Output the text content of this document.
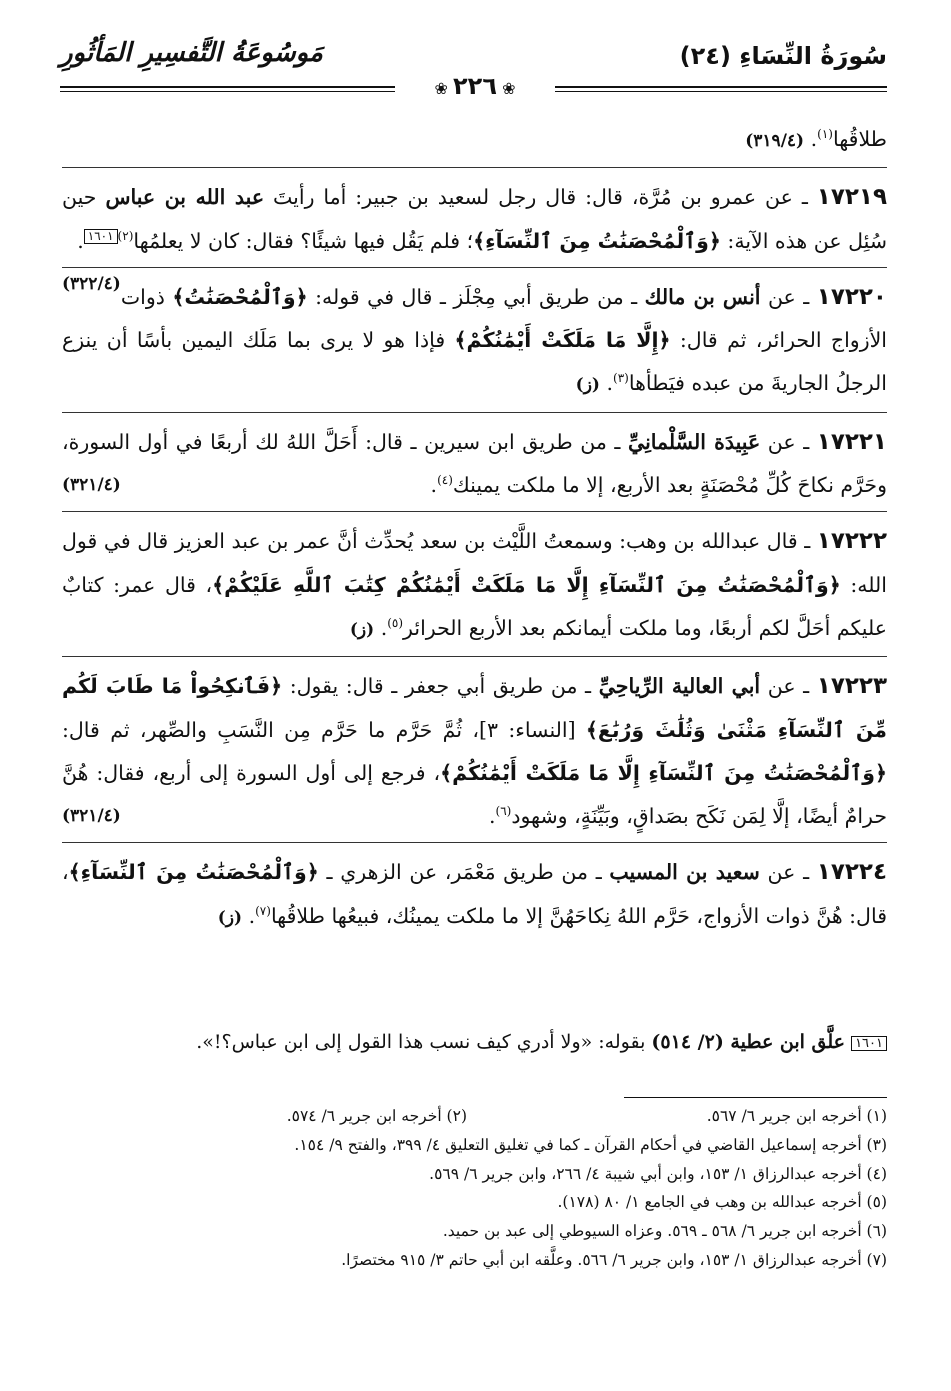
سُورَةُ النِّسَاءِ (٢٤)
مَوسُوعَةُ التَّفسِيرِ المَأثُورِ
❀ ٢٢٦ ❀

طلاقُها$^{(١)}$. (٣١٩/٤)

١٧٢١٩ ـ عن عمرو بن مُرَّة، قال: قال رجل لسعيد بن جبير: أما رأيتَ عبد الله بن عباس حين سُئِل عن هذه الآية: ﴿وَٱلْمُحْصَنَٰتُ مِنَ ٱلنِّسَآءِ﴾؛ فلم يَقُل فيها شيئًا؟ فقال: كان لا يعلمُها$^{(٢)}$١٦٠١.
(٣٢٢/٤)	١٧٢٢٠ ـ عن أنس بن مالك ـ من طريق أبي مِجْلَز ـ قال في قوله: ﴿وَٱلْمُحْصَنَٰتُ﴾ ذوات الأزواج الحرائر، ثم قال: ﴿إِلَّا مَا مَلَكَتْ أَيْمَٰنُكُمْ﴾ فإذا هو لا يرى بما مَلَك اليمين بأسًا أن ينزع الرجلُ الجاريةَ من عبده فيَطأها$^{(٣)}$. (ز)

١٧٢٢١ ـ عن عَبِيدَة السَّلْمانِيِّ ـ من طريق ابن سيرين ـ قال: أَحَلَّ اللهُ لك أربعًا في أول السورة، وحَرَّم نكاحَ كُلِّ مُحْصَنَةٍ بعد الأربع، إلا ما ملكت يمينك$^{(٤)}$.
(٣٢١/٤)

١٧٢٢٢ ـ قال عبدالله بن وهب: وسمعتُ اللَّيْث بن سعد يُحدِّث أنَّ عمر بن عبد العزيز قال في قول الله: ﴿وَٱلْمُحْصَنَٰتُ مِنَ ٱلنِّسَآءِ إِلَّا مَا مَلَكَتْ أَيْمَٰنُكُمْ كِتَٰبَ ٱللَّهِ عَلَيْكُمْ﴾، قال عمر: كتابٌ عليكم أحَلَّ لكم أربعًا، وما ملكت أيمانكم بعد الأربع الحرائر$^{(٥)}$. (ز)

١٧٢٢٣ ـ عن أبي العالية الرِّياحِيِّ ـ من طريق أبي جعفر ـ قال: يقول: ﴿فَٱنكِحُواْ مَا طَابَ لَكُم مِّنَ ٱلنِّسَآءِ مَثْنَىٰ وَثُلَٰثَ وَرُبَٰعَ﴾ [النساء: ٣]، ثُمَّ حَرَّم ما حَرَّم مِن النَّسَبِ والصِّهر، ثم قال: ﴿وَٱلْمُحْصَنَٰتُ مِنَ ٱلنِّسَآءِ إِلَّا مَا مَلَكَتْ أَيْمَٰنُكُمْ﴾، فرجع إلى أول السورة إلى أربع، فقال: هُنَّ حرامٌ أيضًا، إلَّا لِمَن نَكَح بصَداقٍ، وبَيِّنَةٍ، وشهود$^{(٦)}$.
(٣٢١/٤)

١٧٢٢٤ ـ عن سعيد بن المسيب ـ من طريق مَعْمَر، عن الزهري ـ ﴿وَٱلْمُحْصَنَٰتُ مِنَ ٱلنِّسَآءِ﴾، قال: هُنَّ ذوات الأزواج، حَرَّم اللهُ نِكاحَهُنَّ إلا ما ملكت يمينُك، فبيعُها طلاقُها$^{(٧)}$. (ز)

١٦٠١ علَّق ابن عطية (٢/ ٥١٤) بقوله: «ولا أدري كيف نسب هذا القول إلى ابن عباس؟!».
(١) أخرجه ابن جرير ٦/ ٥٦٧.
(٢) أخرجه ابن جرير ٦/ ٥٧٤.
(٣) أخرجه إسماعيل القاضي في أحكام القرآن ـ كما في تغليق التعليق ٤/ ٣٩٩، والفتح ٩/ ١٥٤.
(٤) أخرجه عبدالرزاق ١/ ١٥٣، وابن أبي شيبة ٤/ ٢٦٦، وابن جرير ٦/ ٥٦٩.
(٥) أخرجه عبدالله بن وهب في الجامع ١/ ٨٠ (١٧٨).
(٦) أخرجه ابن جرير ٦/ ٥٦٨ ـ ٥٦٩. وعزاه السيوطي إلى عبد بن حميد.
(٧) أخرجه عبدالرزاق ١/ ١٥٣، وابن جرير ٦/ ٥٦٦. وعلَّقه ابن أبي حاتم ٣/ ٩١٥ مختصرًا.
